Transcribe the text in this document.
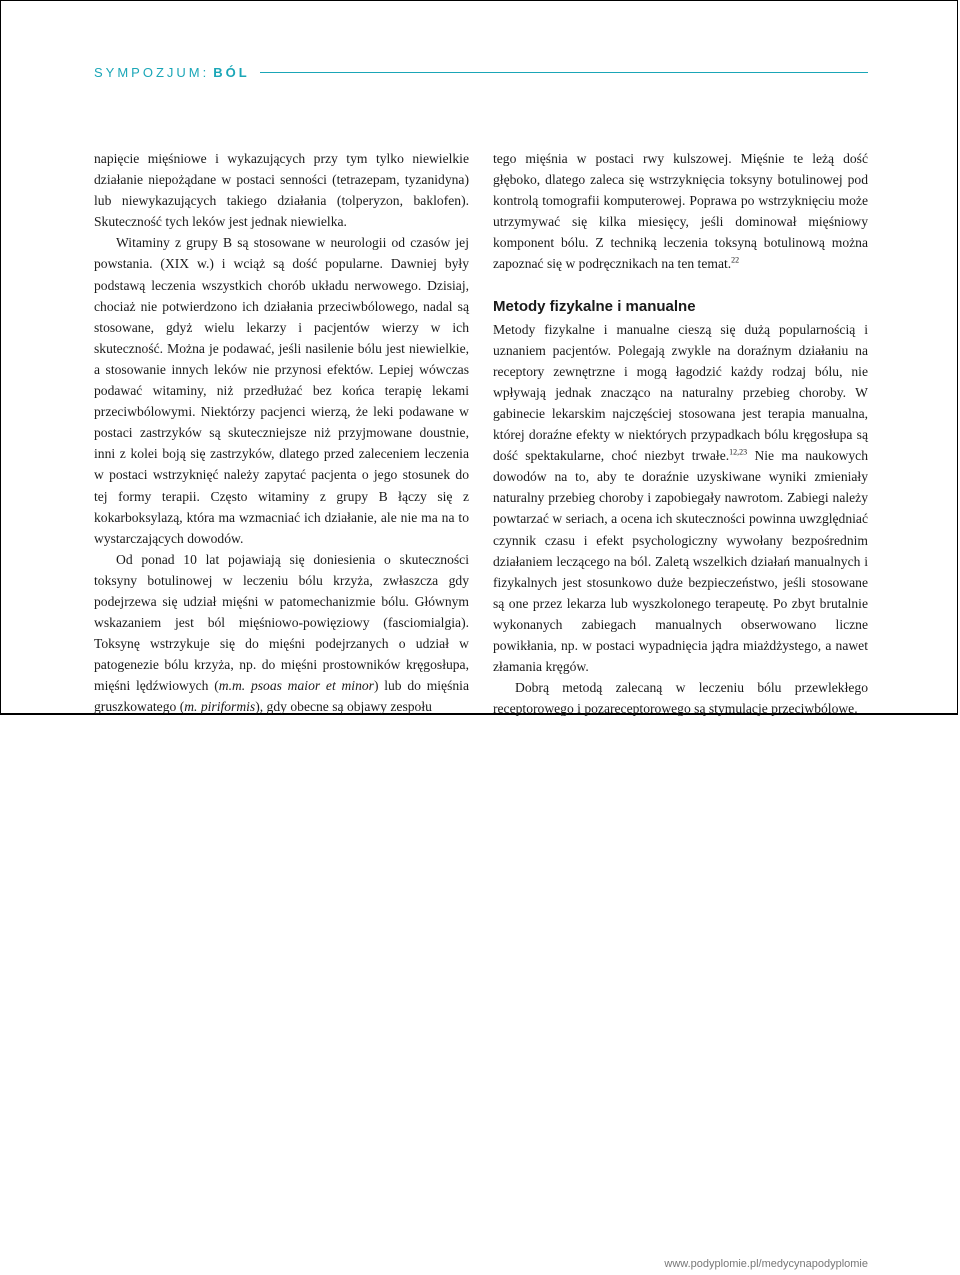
SYMPOZJUM: BÓL

napięcie mięśniowe i wykazujących przy tym tylko niewielkie działanie niepożądane w postaci senności (tetrazepam, tyzanidyna) lub niewykazujących takiego działania (tolperyzon, baklofen). Skuteczność tych leków jest jednak niewielka.

Witaminy z grupy B są stosowane w neurologii od czasów jej powstania. (XIX w.) i wciąż są dość popularne. Dawniej były podstawą leczenia wszystkich chorób układu nerwowego. Dzisiaj, chociaż nie potwierdzono ich działania przeciwbólowego, nadal są stosowane, gdyż wielu lekarzy i pacjentów wierzy w ich skuteczność. Można je podawać, jeśli nasilenie bólu jest niewielkie, a stosowanie innych leków nie przynosi efektów. Lepiej wówczas podawać witaminy, niż przedłużać bez końca terapię lekami przeciwbólowymi. Niektórzy pacjenci wierzą, że leki podawane w postaci zastrzyków są skuteczniejsze niż przyjmowane doustnie, inni z kolei boją się zastrzyków, dlatego przed zaleceniem leczenia w postaci wstrzyknięć należy zapytać pacjenta o jego stosunek do tej formy terapii. Często witaminy z grupy B łączy się z kokarboksylazą, która ma wzmacniać ich działanie, ale nie ma na to wystarczających dowodów.

Od ponad 10 lat pojawiają się doniesienia o skuteczności toksyny botulinowej w leczeniu bólu krzyża, zwłaszcza gdy podejrzewa się udział mięśni w patomechanizmie bólu. Głównym wskazaniem jest ból mięśniowo-powięziowy (fasciomialgia). Toksynę wstrzykuje się do mięśni podejrzanych o udział w patogenezie bólu krzyża, np. do mięśni prostowników kręgosłupa, mięśni lędźwiowych (m.m. psoas maior et minor) lub do mięśnia gruszkowatego (m. piriformis), gdy obecne są objawy zespołu

tego mięśnia w postaci rwy kulszowej. Mięśnie te leżą dość głęboko, dlatego zaleca się wstrzyknięcia toksyny botulinowej pod kontrolą tomografii komputerowej. Poprawa po wstrzyknięciu może utrzymywać się kilka miesięcy, jeśli dominował mięśniowy komponent bólu. Z techniką leczenia toksyną botulinową można zapoznać się w podręcznikach na ten temat.$^{22}$

Metody fizykalne i manualne

Metody fizykalne i manualne cieszą się dużą popularnością i uznaniem pacjentów. Polegają zwykle na doraźnym działaniu na receptory zewnętrzne i mogą łagodzić każdy rodzaj bólu, nie wpływają jednak znacząco na naturalny przebieg choroby. W gabinecie lekarskim najczęściej stosowana jest terapia manualna, której doraźne efekty w niektórych przypadkach bólu kręgosłupa są dość spektakularne, choć niezbyt trwałe.$^{12,23}$ Nie ma naukowych dowodów na to, aby te doraźnie uzyskiwane wyniki zmieniały naturalny przebieg choroby i zapobiegały nawrotom. Zabiegi należy powtarzać w seriach, a ocena ich skuteczności powinna uwzględniać czynnik czasu i efekt psychologiczny wywołany bezpośrednim działaniem leczącego na ból. Zaletą wszelkich działań manualnych i fizykalnych jest stosunkowo duże bezpieczeństwo, jeśli stosowane są one przez lekarza lub wyszkolonego terapeutę. Po zbyt brutalnie wykonanych zabiegach manualnych obserwowano liczne powikłania, np. w postaci wypadnięcia jądra miażdżystego, a nawet złamania kręgów.

Dobrą metodą zalecaną w leczeniu bólu przewlekłego receptorowego i pozareceptorowego są stymulacje przeciwbólowe.

www.podyplomie.pl/medycynapodyplomie
